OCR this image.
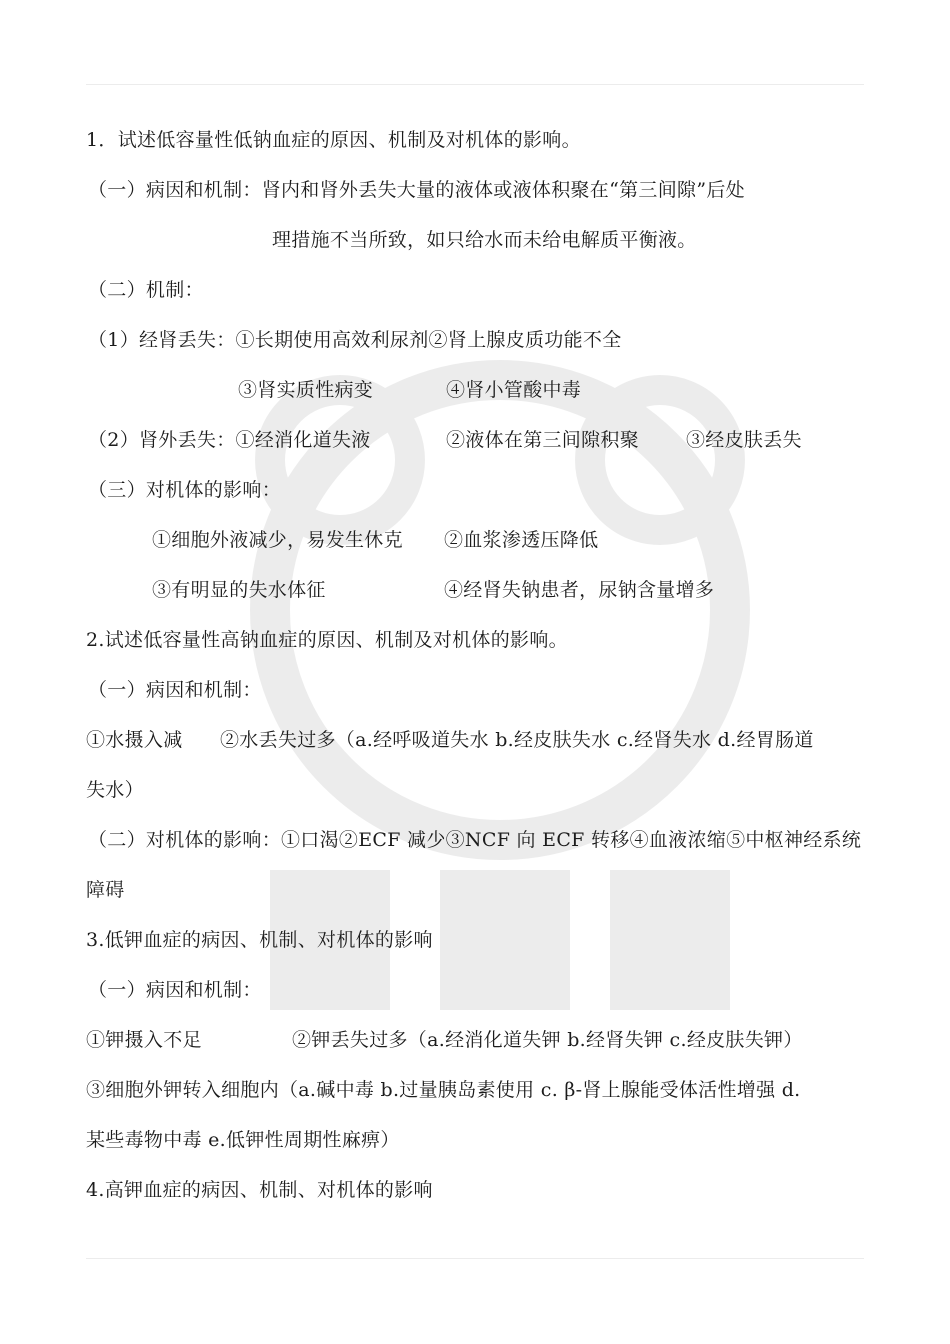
1．试述低容量性低钠血症的原因、机制及对机体的影响。
（一）病因和机制：肾内和肾外丢失大量的液体或液体积聚在“第三间隙”后处
理措施不当所致，如只给水而未给电解质平衡液。
（二）机制：
（1）经肾丢失：①长期使用高效利尿剂②肾上腺皮质功能不全
③肾实质性病变	④肾小管酸中毒
（2）肾外丢失：①经消化道失液	②液体在第三间隙积聚 ③经皮肤丢失
（三）对机体的影响：
①细胞外液减少，易发生休克 ②血浆渗透压降低
③有明显的失水体征	④经肾失钠患者，尿钠含量增多
2.试述低容量性高钠血症的原因、机制及对机体的影响。
（一）病因和机制：
①水摄入减 ②水丢失过多（a.经呼吸道失水 b.经皮肤失水 c.经肾失水 d.经胃肠道
失水）
（二）对机体的影响：①口渴②ECF 减少③NCF 向 ECF 转移④血液浓缩⑤中枢神经系统
障碍
3.低钾血症的病因、机制、对机体的影响
（一）病因和机制：
①钾摄入不足	②钾丢失过多（a.经消化道失钾 b.经肾失钾 c.经皮肤失钾）
③细胞外钾转入细胞内（a.碱中毒 b.过量胰岛素使用 c. β-肾上腺能受体活性增强 d.
某些毒物中毒 e.低钾性周期性麻痹）
4.高钾血症的病因、机制、对机体的影响
